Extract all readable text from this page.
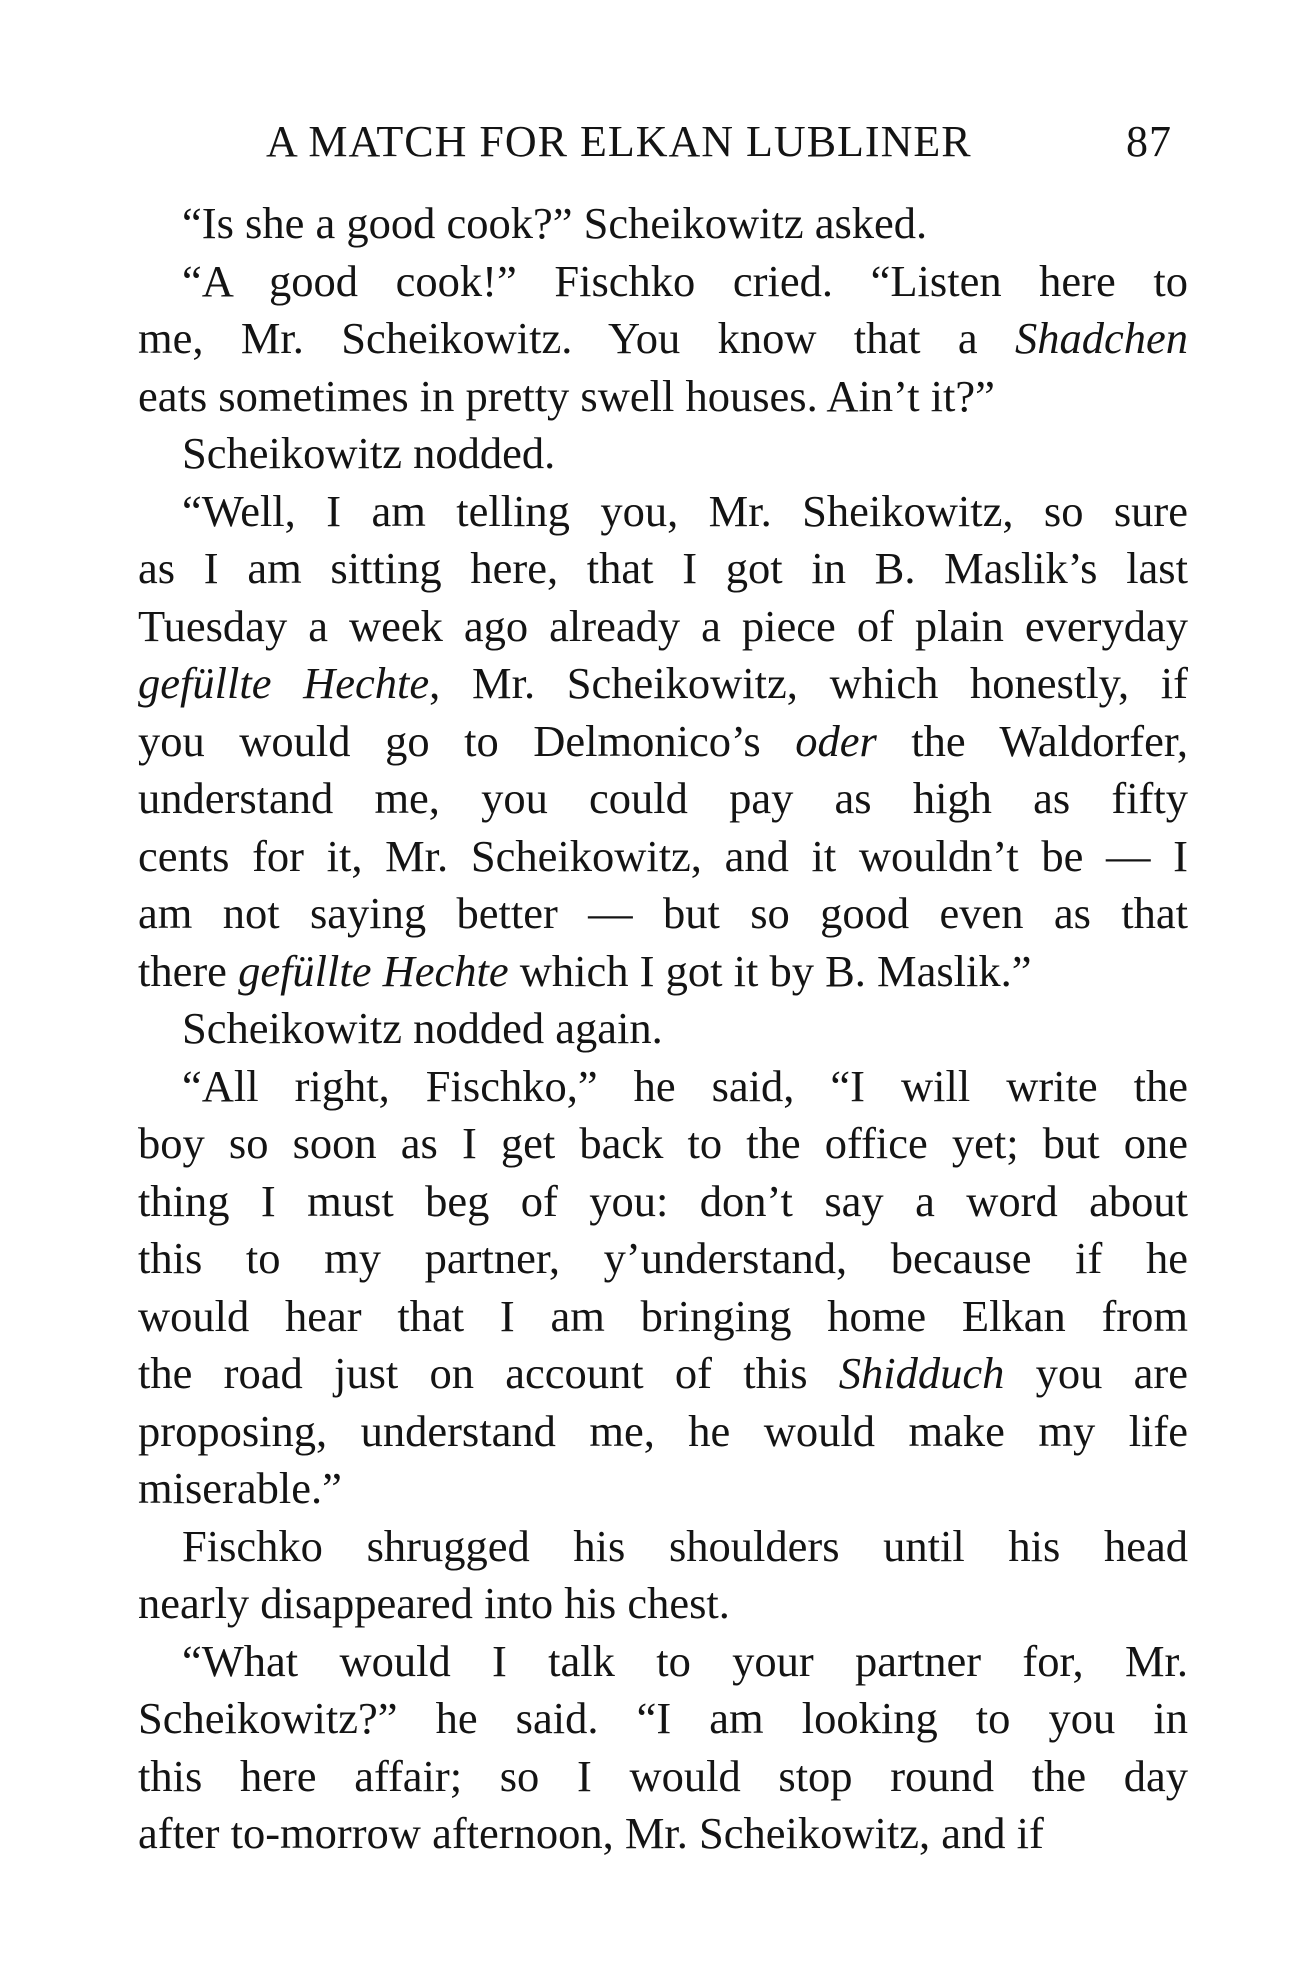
A MATCH FOR ELKAN LUBLINER	87

“Is she a good cook?” Scheikowitz asked.

“A good cook!” Fischko cried. “Listen here to
me, Mr. Scheikowitz. You know that a Shadchen
eats sometimes in pretty swell houses. Ain’t it?”

Scheikowitz nodded.

“Well, I am telling you, Mr. Sheikowitz, so sure
as I am sitting here, that I got in B. Maslik’s last
Tuesday a week ago already a piece of plain everyday
gefüllte Hechte, Mr. Scheikowitz, which honestly, if
you would go to Delmonico’s oder the Waldorfer,
understand me, you could pay as high as fifty
cents for it, Mr. Scheikowitz, and it wouldn’t be — I
am not saying better — but so good even as that
there gefüllte Hechte which I got it by B. Maslik.”

Scheikowitz nodded again.

“All right, Fischko,” he said, “I will write the
boy so soon as I get back to the office yet; but one
thing I must beg of you: don’t say a word about
this to my partner, y’understand, because if he
would hear that I am bringing home Elkan from
the road just on account of this Shidduch you are
proposing, understand me, he would make my life
miserable.”

Fischko shrugged his shoulders until his head
nearly disappeared into his chest.

“What would I talk to your partner for, Mr.
Scheikowitz?” he said. “I am looking to you in
this here affair; so I would stop round the day
after to-morrow afternoon, Mr. Scheikowitz, and if
